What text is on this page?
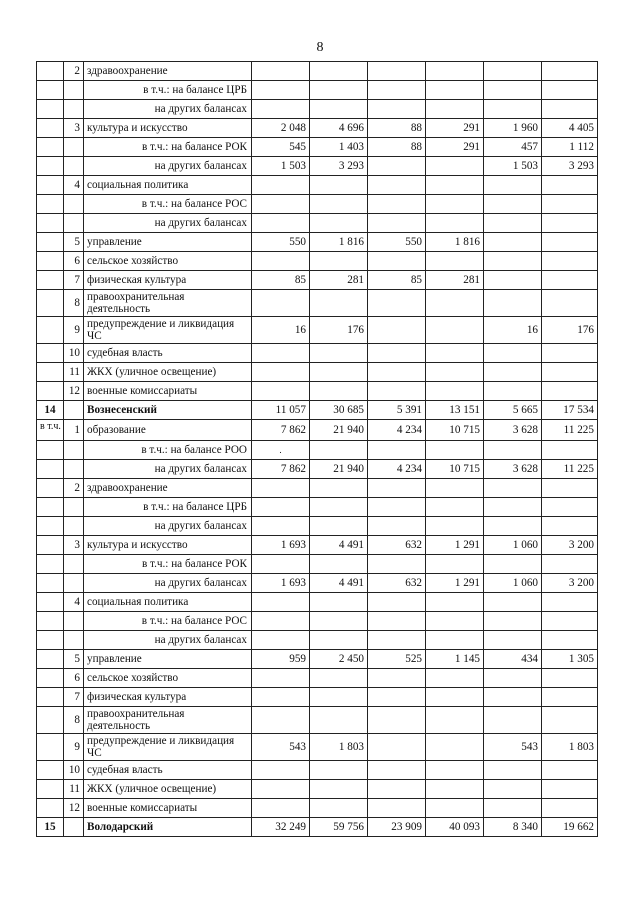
8
	2	здравоохранение						
		в т.ч.: на балансе ЦРБ						
		на других балансах						
	3	культура и искусство	2 048	4 696	88	291	1 960	4 405
		в т.ч.: на балансе РОК	545	1 403	88	291	457	1 112
		на других балансах	1 503	3 293			1 503	3 293
	4	социальная политика						
		в т.ч.: на балансе РОС						
		на других балансах						
	5	управление	550	1 816	550	1 816		
	6	сельское хозяйство						
	7	физическая культура	85	281	85	281		
	8	правоохранительная деятельность						
	9	предупреждение и ликвидация ЧС	16	176			16	176
	10	судебная власть						
	11	ЖКХ (уличное освещение)						
	12	военные комиссариаты						
14		Вознесенский	11 057	30 685	5 391	13 151	5 665	17 534
в т.ч.	1	образование	7 862	21 940	4 234	10 715	3 628	11 225
		в т.ч.: на балансе РОО	.					

		на других балансах	7 862	21 940	4 234	10 715	3 628	11 225
	2	здравоохранение						
		в т.ч.: на балансе ЦРБ						
		на других балансах						
	3	культура и искусство	1 693	4 491	632	1 291	1 060	3 200
		в т.ч.: на балансе РОК						
		на других балансах	1 693	4 491	632	1 291	1 060	3 200
	4	социальная политика						
		в т.ч.: на балансе РОС						
		на других балансах						
	5	управление	959	2 450	525	1 145	434	1 305
	6	сельское хозяйство						
	7	физическая культура						
	8	правоохранительная деятельность						
	9	предупреждение и ликвидация ЧС	543	1 803			543	1 803
	10	судебная власть						
	11	ЖКХ (уличное освещение)						
	12	военные комиссариаты						
15		Володарский	32 249	59 756	23 909	40 093	8 340	19 662
